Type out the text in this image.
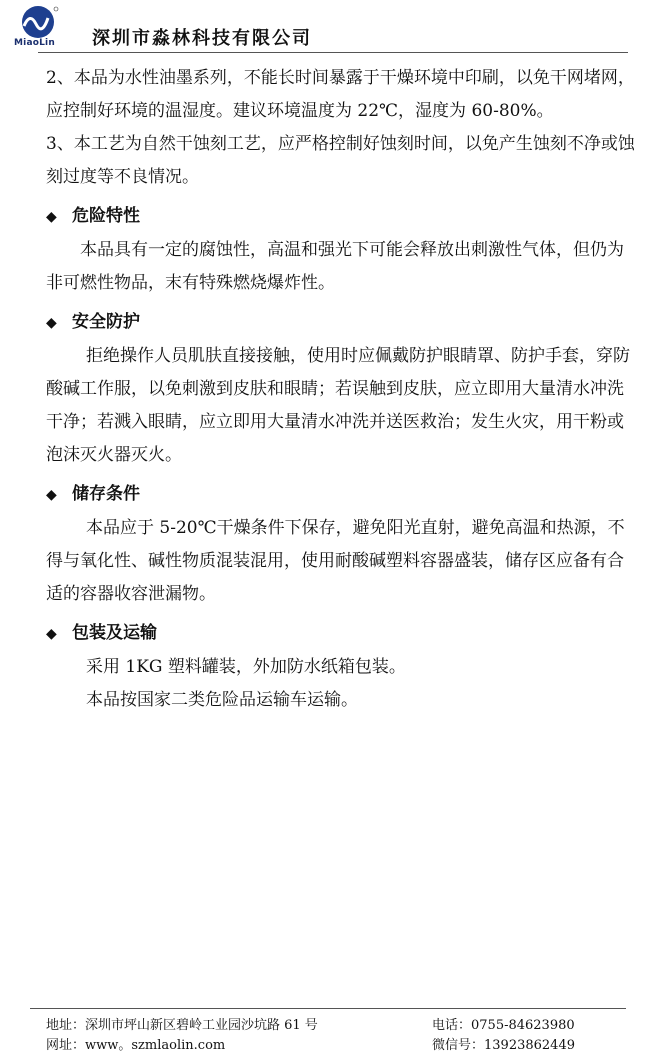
MiaoLin 深圳市淼林科技有限公司

2、本品为水性油墨系列，不能长时间暴露于干燥环境中印刷，以免干网堵网，应控制好环境的温湿度。建议环境温度为 22℃，湿度为 60-80%。

3、本工艺为自然干蚀刻工艺，应严格控制好蚀刻时间，以免产生蚀刻不净或蚀刻过度等不良情况。

◆ 危险特性

本品具有一定的腐蚀性，高温和强光下可能会释放出刺激性气体，但仍为非可燃性物品，末有特殊燃烧爆炸性。

◆ 安全防护

拒绝操作人员肌肤直接接触，使用时应佩戴防护眼睛罩、防护手套，穿防酸碱工作服，以免刺激到皮肤和眼睛；若误触到皮肤，应立即用大量清水冲洗干净；若溅入眼睛，应立即用大量清水冲洗并送医救治；发生火灾，用干粉或泡沫灭火器灭火。

◆ 储存条件

本品应于 5-20℃干燥条件下保存，避免阳光直射，避免高温和热源，不得与氧化性、碱性物质混装混用，使用耐酸碱塑料容器盛装，储存区应备有合适的容器收容泄漏物。

◆ 包装及运输

采用 1KG 塑料罐装，外加防水纸箱包装。

本品按国家二类危险品运输车运输。

地址：深圳市坪山新区碧岭工业园沙坑路 61 号	电话：0755-84623980
网址：www。szmlaolin.com	微信号：13923862449
